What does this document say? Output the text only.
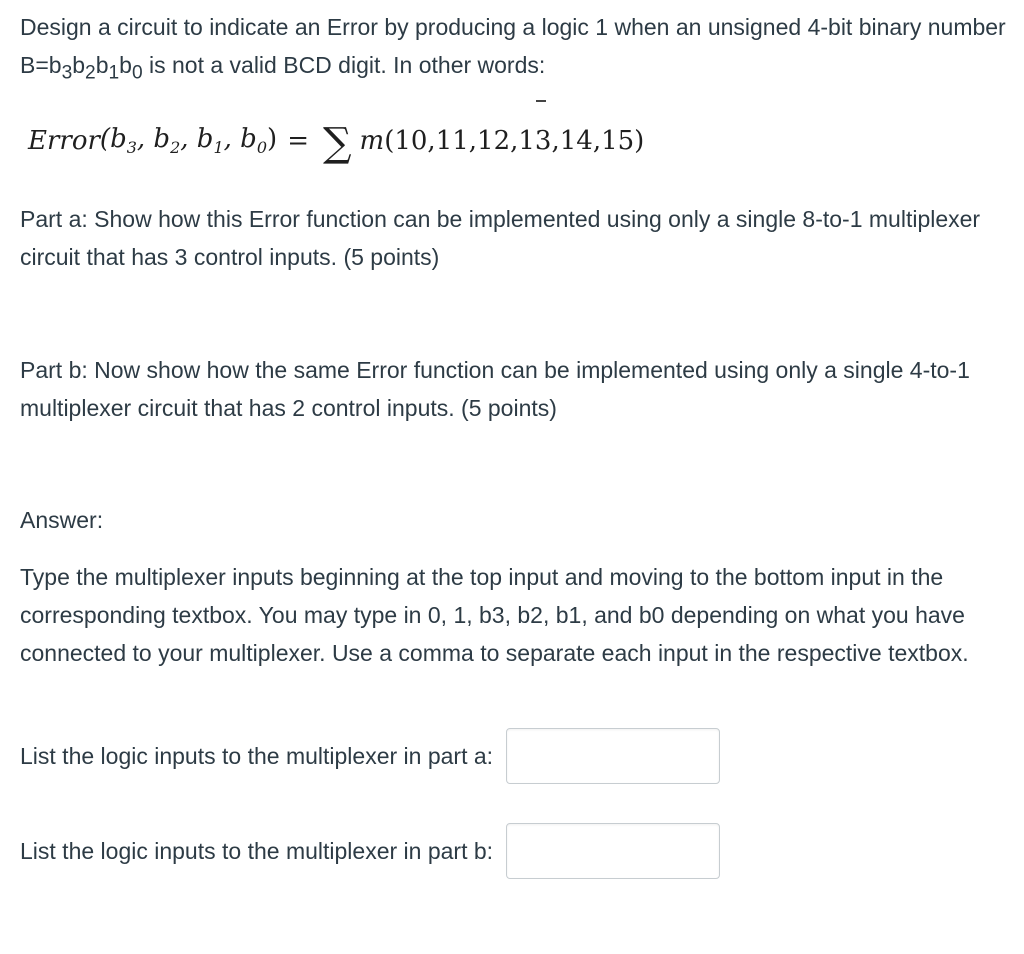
Design a circuit to indicate an Error by producing a logic 1 when an unsigned 4-bit binary number $B=b_3b_2b_1b_0$ is not a valid BCD digit. In other words:

Error ($b_3$, $b_2$, $b_1$, $b_0$) = ∑ m (10,11,12,13,14,15)

Part a: Show how this Error function can be implemented using only a single 8-to-1 multiplexer circuit that has 3 control inputs. (5 points)

Part b: Now show how the same Error function can be implemented using only a single 4-to-1 multiplexer circuit that has 2 control inputs. (5 points)

Answer:

Type the multiplexer inputs beginning at the top input and moving to the bottom input in the corresponding textbox. You may type in 0, 1, b3, b2, b1, and b0 depending on what you have connected to your multiplexer. Use a comma to separate each input in the respective textbox.

List the logic inputs to the multiplexer in part a:
List the logic inputs to the multiplexer in part b:
